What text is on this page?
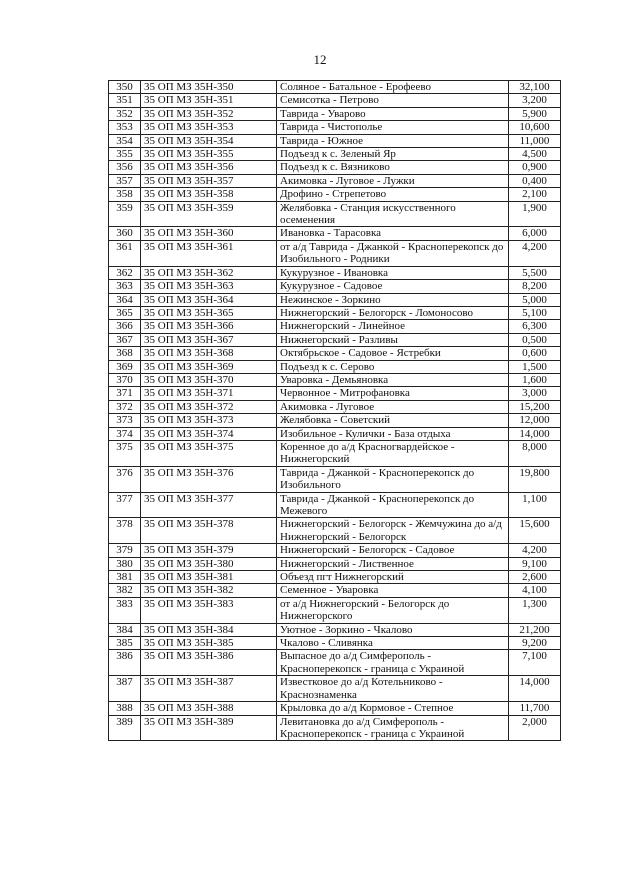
12
350	35 ОП МЗ 35Н-350	Соляное - Батальное - Ерофеево	32,100
351	35 ОП МЗ 35Н-351	Семисотка - Петрово	3,200
352	35 ОП МЗ 35Н-352	Таврида - Уварово	5,900
353	35 ОП МЗ 35Н-353	Таврида - Чистополье	10,600
354	35 ОП МЗ 35Н-354	Таврида - Южное	11,000
355	35 ОП МЗ 35Н-355	Подъезд к с. Зеленый Яр	4,500
356	35 ОП МЗ 35Н-356	Подъезд к с. Вязниково	0,900
357	35 ОП МЗ 35Н-357	Акимовка - Луговое - Лужки	0,400
358	35 ОП МЗ 35Н-358	Дрофино - Стрепетово	2,100
359	35 ОП МЗ 35Н-359	Желябовка - Станция искусственного осеменения	1,900
360	35 ОП МЗ 35Н-360	Ивановка - Тарасовка	6,000
361	35 ОП МЗ 35Н-361	от а/д Таврида - Джанкой - Красноперекопск до Изобильного - Родники	4,200
362	35 ОП МЗ 35Н-362	Кукурузное - Ивановка	5,500
363	35 ОП МЗ 35Н-363	Кукурузное - Садовое	8,200
364	35 ОП МЗ 35Н-364	Нежинское - Зоркино	5,000
365	35 ОП МЗ 35Н-365	Нижнегорский - Белогорск - Ломоносово	5,100
366	35 ОП МЗ 35Н-366	Нижнегорский - Линейное	6,300
367	35 ОП МЗ 35Н-367	Нижнегорский - Разливы	0,500
368	35 ОП МЗ 35Н-368	Октябрьское - Садовое - Ястребки	0,600
369	35 ОП МЗ 35Н-369	Подъезд к с. Серово	1,500
370	35 ОП МЗ 35Н-370	Уваровка - Демьяновка	1,600
371	35 ОП МЗ 35Н-371	Червонное - Митрофановка	3,000
372	35 ОП МЗ 35Н-372	Акимовка - Луговое	15,200
373	35 ОП МЗ 35Н-373	Желябовка - Советский	12,000
374	35 ОП МЗ 35Н-374	Изобильное - Кулички - База отдыха	14,000
375	35 ОП МЗ 35Н-375	Коренное до а/д Красногвардейское - Нижнегорский	8,000
376	35 ОП МЗ 35Н-376	Таврида - Джанкой - Красноперекопск до Изобильного	19,800
377	35 ОП МЗ 35Н-377	Таврида - Джанкой - Красноперекопск до Межевого	1,100
378	35 ОП МЗ 35Н-378	Нижнегорский - Белогорск - Жемчужина до а/д Нижнегорский - Белогорск	15,600
379	35 ОП МЗ 35Н-379	Нижнегорский - Белогорск - Садовое	4,200
380	35 ОП МЗ 35Н-380	Нижнегорский - Лиственное	9,100
381	35 ОП МЗ 35Н-381	Объезд пгт Нижнегорский	2,600
382	35 ОП МЗ 35Н-382	Семенное - Уваровка	4,100
383	35 ОП МЗ 35Н-383	от а/д Нижнегорский - Белогорск до Нижнегорского	1,300
384	35 ОП МЗ 35Н-384	Уютное - Зоркино - Чкалово	21,200
385	35 ОП МЗ 35Н-385	Чкалово - Сливянка	9,200
386	35 ОП МЗ 35Н-386	Выпасное до а/д Симферополь - Красноперекопск - граница с Украиной	7,100
387	35 ОП МЗ 35Н-387	Известковое до а/д Котельниково - Краснознаменка	14,000
388	35 ОП МЗ 35Н-388	Крыловка до а/д Кормовое - Степное	11,700
389	35 ОП МЗ 35Н-389	Левитановка до а/д Симферополь - Красноперекопск - граница с Украиной	2,000
